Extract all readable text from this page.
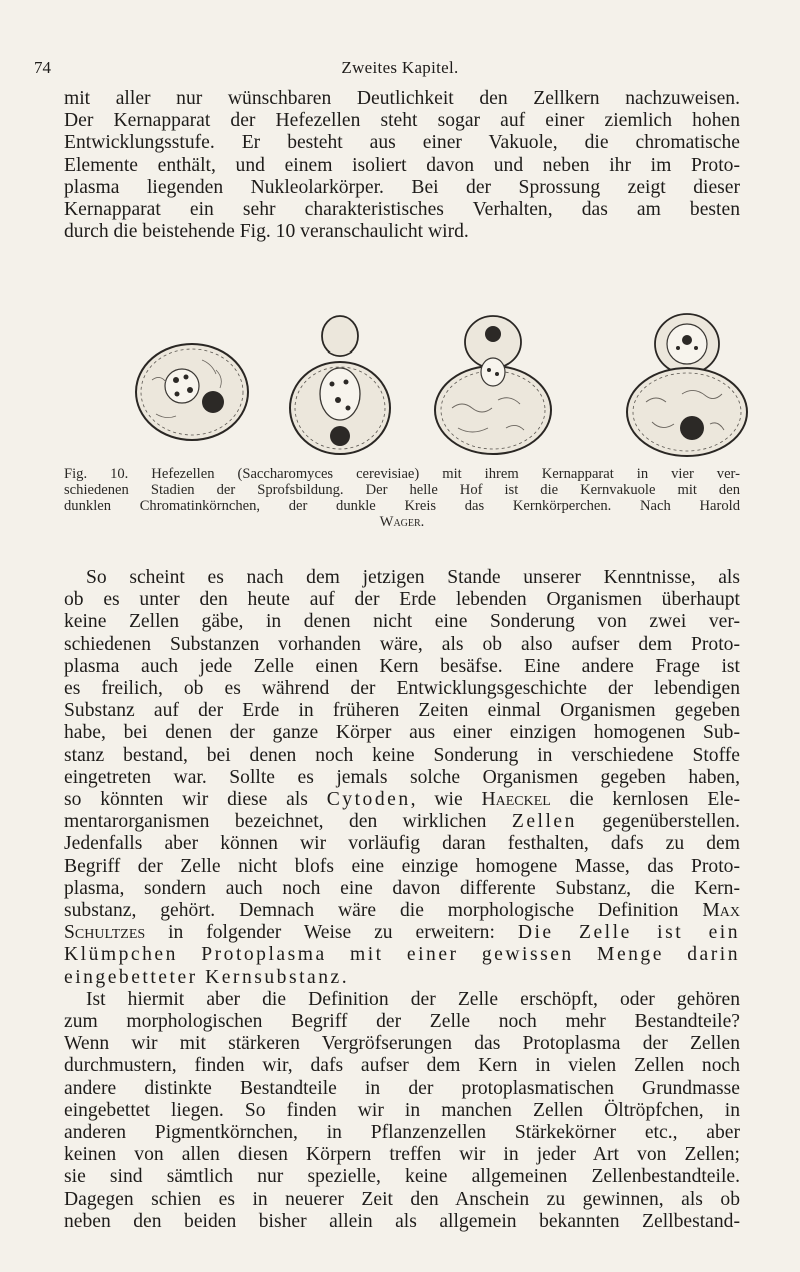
74	Zweites Kapitel.
mit aller nur wünschbaren Deutlichkeit den Zellkern nachzuweisen.
Der Kernapparat der Hefezellen steht sogar auf einer ziemlich hohen
Entwicklungsstufe. Er besteht aus einer Vakuole, die chromatische
Elemente enthält, und einem isoliert davon und neben ihr im Proto-
plasma liegenden Nukleolarkörper. Bei der Sprossung zeigt dieser
Kernapparat ein sehr charakteristisches Verhalten, das am besten
durch die beistehende Fig. 10 veranschaulicht wird.
Fig. 10. Hefezellen (Saccharomyces cerevisiae) mit ihrem Kernapparat in vier ver-
schiedenen Stadien der Sprofsbildung. Der helle Hof ist die Kernvakuole mit den
dunklen Chromatinkörnchen, der dunkle Kreis das Kernkörperchen. Nach Harold
Wager.
So scheint es nach dem jetzigen Stande unserer Kenntnisse, als
ob es unter den heute auf der Erde lebenden Organismen überhaupt
keine Zellen gäbe, in denen nicht eine Sonderung von zwei ver-
schiedenen Substanzen vorhanden wäre, als ob also aufser dem Proto-
plasma auch jede Zelle einen Kern besäfse. Eine andere Frage ist
es freilich, ob es während der Entwicklungsgeschichte der lebendigen
Substanz auf der Erde in früheren Zeiten einmal Organismen gegeben
habe, bei denen der ganze Körper aus einer einzigen homogenen Sub-
stanz bestand, bei denen noch keine Sonderung in verschiedene Stoffe
eingetreten war. Sollte es jemals solche Organismen gegeben haben,
so könnten wir diese als Cytoden, wie Haeckel die kernlosen Ele-
mentarorganismen bezeichnet, den wirklichen Zellen gegenüberstellen.
Jedenfalls aber können wir vorläufig daran festhalten, dafs zu dem
Begriff der Zelle nicht blofs eine einzige homogene Masse, das Proto-
plasma, sondern auch noch eine davon differente Substanz, die Kern-
substanz, gehört. Demnach wäre die morphologische Definition Max
Schultzes in folgender Weise zu erweitern: Die Zelle ist ein
Klümpchen Protoplasma mit einer gewissen Menge darin
eingebetteter Kernsubstanz.
Ist hiermit aber die Definition der Zelle erschöpft, oder gehören
zum morphologischen Begriff der Zelle noch mehr Bestandteile?
Wenn wir mit stärkeren Vergröfserungen das Protoplasma der Zellen
durchmustern, finden wir, dafs aufser dem Kern in vielen Zellen noch
andere distinkte Bestandteile in der protoplasmatischen Grundmasse
eingebettet liegen. So finden wir in manchen Zellen Öltröpfchen, in
anderen Pigmentkörnchen, in Pflanzenzellen Stärkekörner etc., aber
keinen von allen diesen Körpern treffen wir in jeder Art von Zellen;
sie sind sämtlich nur spezielle, keine allgemeinen Zellenbestandteile.
Dagegen schien es in neuerer Zeit den Anschein zu gewinnen, als ob
neben den beiden bisher allein als allgemein bekannten Zellbestand-
